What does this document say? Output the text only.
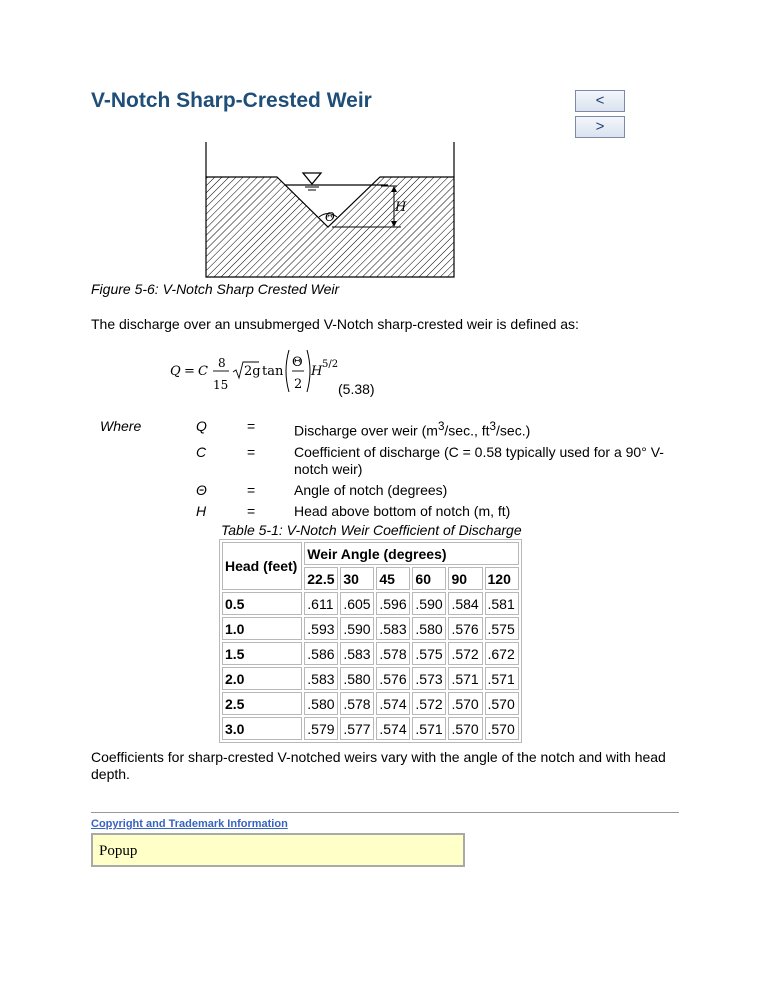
V-Notch Sharp-Crested Weir	<
>
Θ
H

Figure 5-6: V-Notch Sharp Crested Weir

The discharge over an unsubmerged V-Notch sharp-crested weir is defined as:

Q = C
8
15
2g tan
Θ
2
H 5/2
(5.38)
Where	Q	=	Discharge over weir ($m^3/\sec$., $ft^3/\sec$.)
	C	=	Coefficient of discharge (C = 0.58 typically used for a 90° V-notch weir)
	Θ	=	Angle of notch (degrees)
	H	=	Head above bottom of notch (m, ft)
Table 5-1: V-Notch Weir Coefficient of Discharge
Head (feet)	Weir Angle (degrees)					
	22.5	30	45	60	90	120
0.5	.611	.605	.596	.590	.584	.581
1.0	.593	.590	.583	.580	.576	.575
1.5	.586	.583	.578	.575	.572	.672
2.0	.583	.580	.576	.573	.571	.571
2.5	.580	.578	.574	.572	.570	.570
3.0	.579	.577	.574	.571	.570	.570

Coefficients for sharp-crested V-notched weirs vary with the angle of the notch and with head depth.

Copyright and Trademark Information
Popup
